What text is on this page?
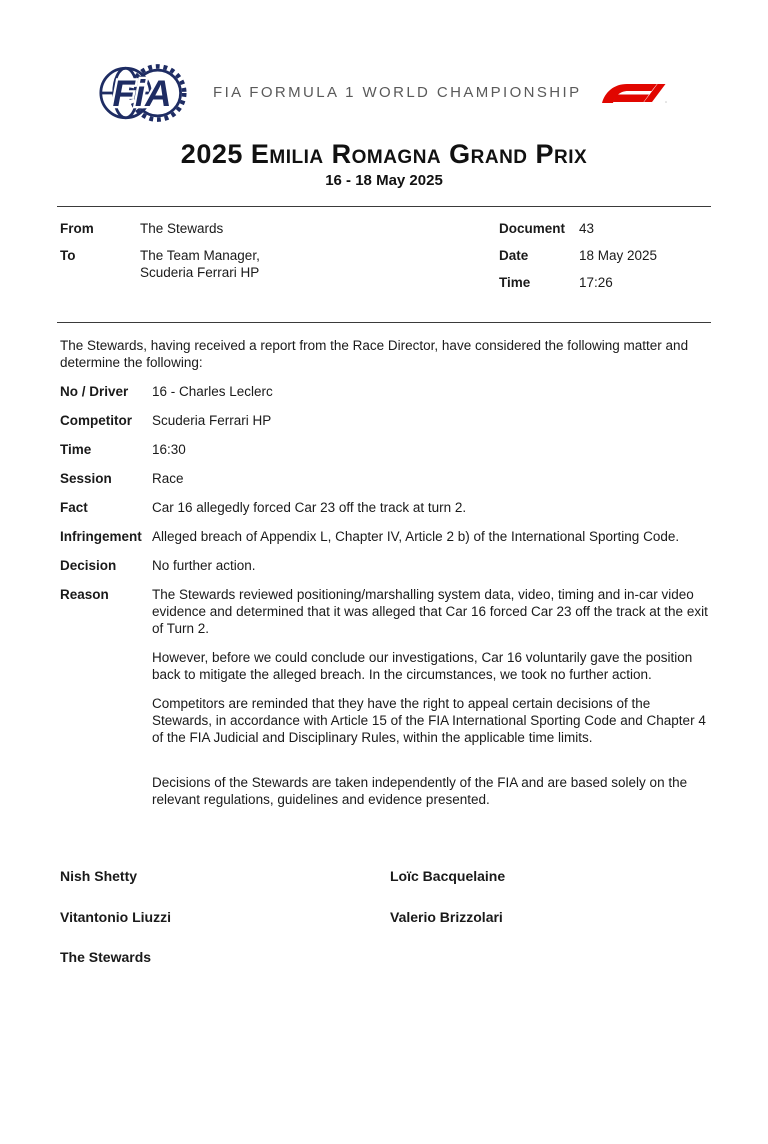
FiA	FIA FORMULA 1 WORLD CHAMPIONSHIP
2025 Emilia Romagna Grand Prix
16 - 18 May 2025
From	The Stewards
To	The Team Manager,
Scuderia Ferrari HP
Document	43
Date	18 May 2025
Time	17:26

The Stewards, having received a report from the Race Director, have considered the following matter and determine the following:

No / Driver	16 - Charles Leclerc
Competitor	Scuderia Ferrari HP
Time	16:30
Session	Race
Fact	Car 16 allegedly forced Car 23 off the track at turn 2.
Infringement Alleged breach of Appendix L, Chapter IV, Article 2 b) of the International Sporting Code.
Decision	No further action.
Reason	The Stewards reviewed positioning/marshalling system data, video, timing and in-car video evidence and determined that it was alleged that Car 16 forced Car 23 off the track at the exit of Turn 2.

However, before we could conclude our investigations, Car 16 voluntarily gave the position back to mitigate the alleged breach. In the circumstances, we took no further action.

Competitors are reminded that they have the right to appeal certain decisions of the Stewards, in accordance with Article 15 of the FIA International Sporting Code and Chapter 4 of the FIA Judicial and Disciplinary Rules, within the applicable time limits.

Decisions of the Stewards are taken independently of the FIA and are based solely on the relevant regulations, guidelines and evidence presented.

Nish Shetty	Loïc Bacquelaine
Vitantonio Liuzzi	Valerio Brizzolari
The Stewards
